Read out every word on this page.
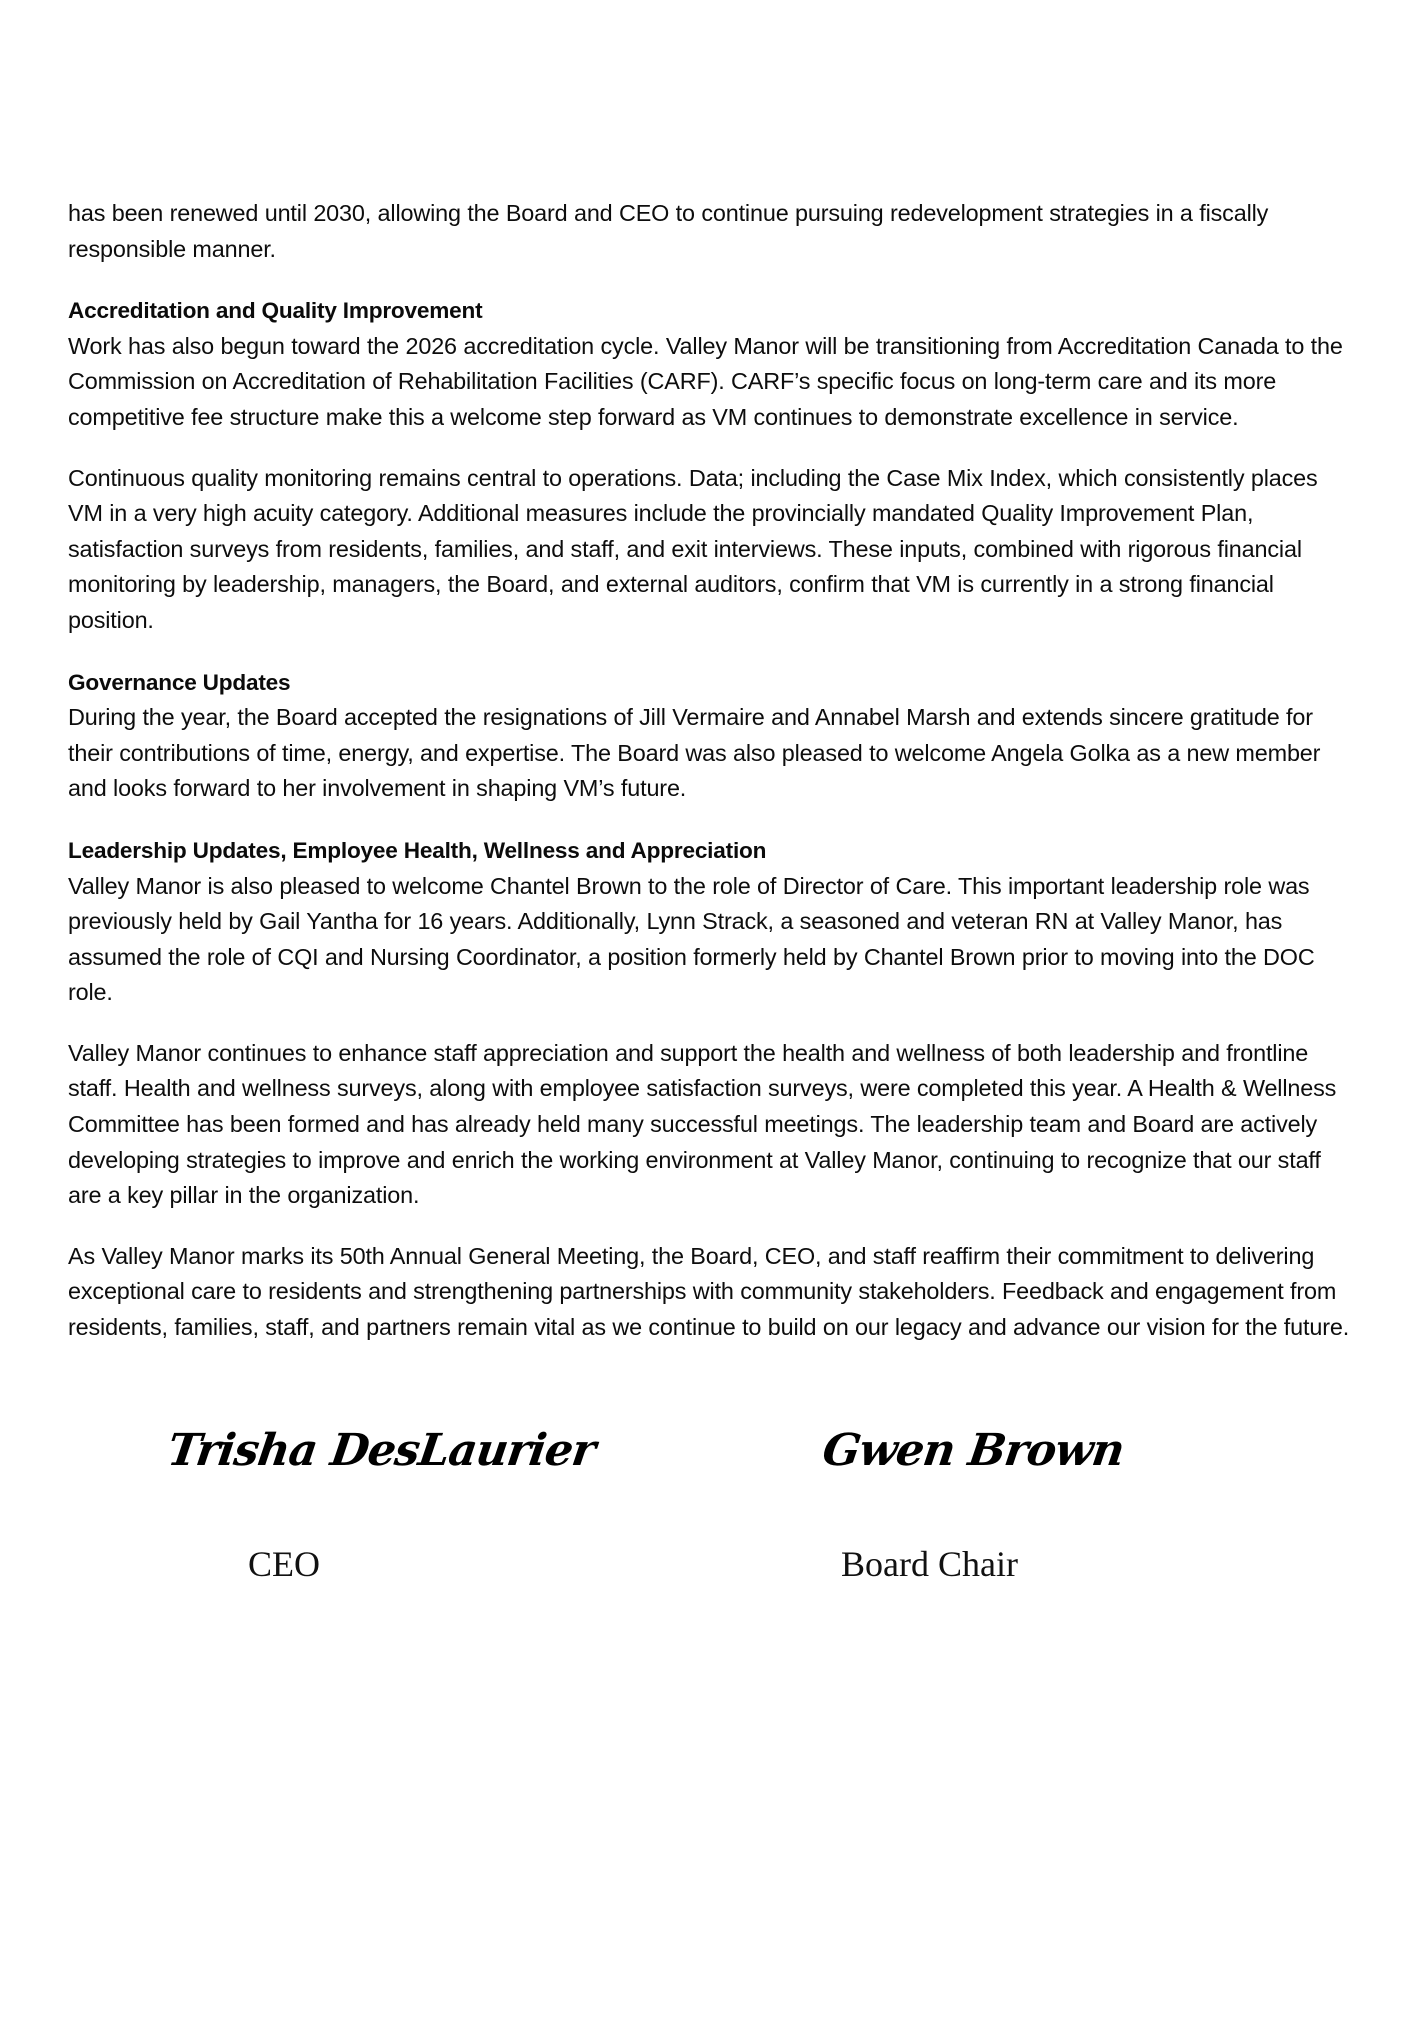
has been renewed until 2030, allowing the Board and CEO to continue pursuing redevelopment strategies in a fiscally responsible manner.

Accreditation and Quality Improvement

Work has also begun toward the 2026 accreditation cycle. Valley Manor will be transitioning from Accreditation Canada to the Commission on Accreditation of Rehabilitation Facilities (CARF). CARF’s specific focus on long-term care and its more competitive fee structure make this a welcome step forward as VM continues to demonstrate excellence in service.

Continuous quality monitoring remains central to operations. Data; including the Case Mix Index, which consistently places VM in a very high acuity category. Additional measures include the provincially mandated Quality Improvement Plan, satisfaction surveys from residents, families, and staff, and exit interviews. These inputs, combined with rigorous financial monitoring by leadership, managers, the Board, and external auditors, confirm that VM is currently in a strong financial position.

Governance Updates

During the year, the Board accepted the resignations of Jill Vermaire and Annabel Marsh and extends sincere gratitude for their contributions of time, energy, and expertise. The Board was also pleased to welcome Angela Golka as a new member and looks forward to her involvement in shaping VM’s future.

Leadership Updates, Employee Health, Wellness and Appreciation

Valley Manor is also pleased to welcome Chantel Brown to the role of Director of Care. This important leadership role was previously held by Gail Yantha for 16 years. Additionally, Lynn Strack, a seasoned and veteran RN at Valley Manor, has assumed the role of CQI and Nursing Coordinator, a position formerly held by Chantel Brown prior to moving into the DOC role.

Valley Manor continues to enhance staff appreciation and support the health and wellness of both leadership and frontline staff. Health and wellness surveys, along with employee satisfaction surveys, were completed this year. A Health & Wellness Committee has been formed and has already held many successful meetings. The leadership team and Board are actively developing strategies to improve and enrich the working environment at Valley Manor, continuing to recognize that our staff are a key pillar in the organization.

As Valley Manor marks its 50th Annual General Meeting, the Board, CEO, and staff reaffirm their commitment to delivering exceptional care to residents and strengthening partnerships with community stakeholders. Feedback and engagement from residents, families, staff, and partners remain vital as we continue to build on our legacy and advance our vision for the future.

Trisha DesLaurier	Gwen Brown
CEO	Board Chair
